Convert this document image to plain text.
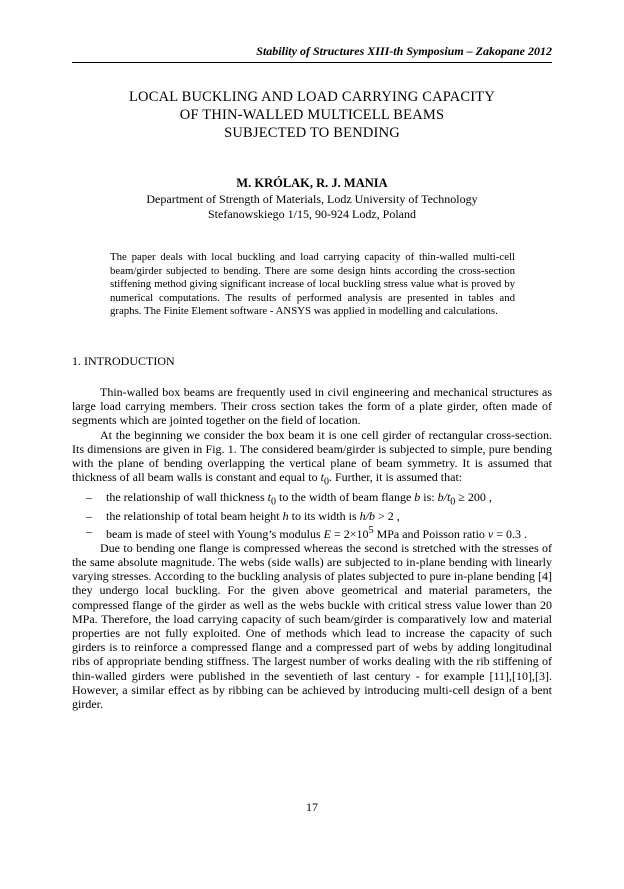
Stability of Structures XIII-th Symposium – Zakopane 2012
LOCAL BUCKLING AND LOAD CARRYING CAPACITY
OF THIN-WALLED MULTICELL BEAMS
SUBJECTED TO BENDING
M. KRÓLAK, R. J. MANIA
Department of Strength of Materials, Lodz University of Technology
Stefanowskiego 1/15, 90-924 Lodz, Poland
The paper deals with local buckling and load carrying capacity of thin-walled multi-cell beam/girder subjected to bending. There are some design hints according the cross-section stiffening method giving significant increase of local buckling stress value what is proved by numerical computations. The results of performed analysis are presented in tables and graphs. The Finite Element software - ANSYS was applied in modelling and calculations.
1. INTRODUCTION

Thin-walled box beams are frequently used in civil engineering and mechanical structures as large load carrying members. Their cross section takes the form of a plate girder, often made of segments which are jointed together on the field of location.

At the beginning we consider the box beam it is one cell girder of rectangular cross-section. Its dimensions are given in Fig. 1. The considered beam/girder is subjected to simple, pure bending with the plane of bending overlapping the vertical plane of beam symmetry. It is assumed that thickness of all beam walls is constant and equal to $t_0$. Further, it is assumed that:

– the relationship of wall thickness $t_0$ to the width of beam flange b is: $b/t_0 \ge 200$ ,
– the relationship of total beam height h to its width is h/b > 2 ,
– beam is made of steel with Young’s modulus $E = 2\times 10^5$ MPa and Poisson ratio ν = 0.3 .

Due to bending one flange is compressed whereas the second is stretched with the stresses of the same absolute magnitude. The webs (side walls) are subjected to in-plane bending with linearly varying stresses. According to the buckling analysis of plates subjected to pure in-plane bending [4] they undergo local buckling. For the given above geometrical and material parameters, the compressed flange of the girder as well as the webs buckle with critical stress value lower than 20 MPa. Therefore, the load carrying capacity of such beam/girder is comparatively low and material properties are not fully exploited. One of methods which lead to increase the capacity of such girders is to reinforce a compressed flange and a compressed part of webs by adding longitudinal ribs of appropriate bending stiffness. The largest number of works dealing with the rib stiffening of thin-walled girders were published in the seventieth of last century - for example [11],[10],[3]. However, a similar effect as by ribbing can be achieved by introducing multi-cell design of a bent girder.

17
